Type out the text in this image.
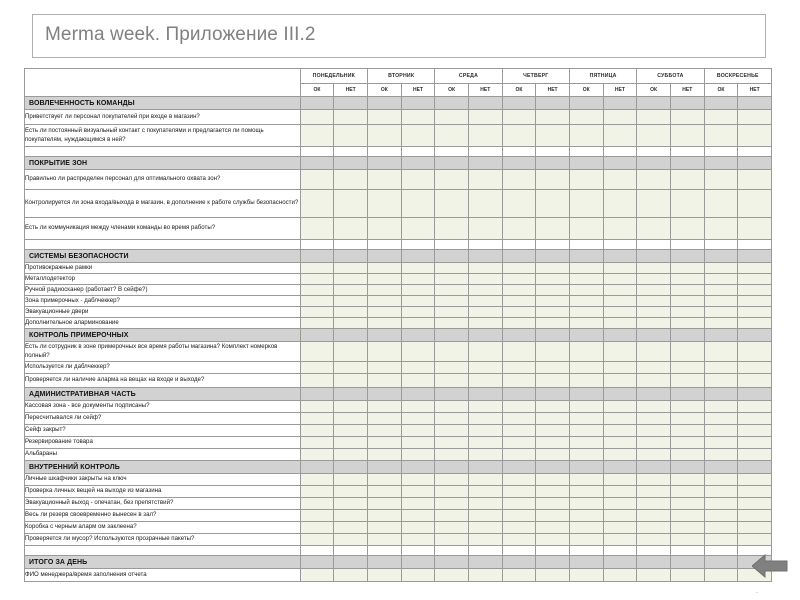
Merma week. Приложение III.2
	ПОНЕДЕЛЬНИК		ВТОРНИК		СРЕДА		ЧЕТВЕРГ		ПЯТНИЦА		СУББОТА		ВОСКРЕСЕНЬЕ	
	ОК	НЕТ	ОК	НЕТ	ОК	НЕТ	ОК	НЕТ	ОК	НЕТ	ОК	НЕТ	ОК	НЕТ
ВОВЛЕЧЕННОСТЬ КОМАНДЫ														
Приветствует ли персонал покупателей при входе в магазин?														
Есть ли постоянный визуальный контакт с покупателями и предлагается ли помощь покупателям, нуждающимся в ней?														

ПОКРЫТИЕ ЗОН														
Правильно ли распределен персонал для оптимального охвата зон?														
Контролируется ли зона входа/выхода в магазин, в дополнение к работе службы безопасности?														
Есть ли коммуникация между членами команды во время работы?														

СИСТЕМЫ БЕЗОПАСНОСТИ														
Противокражные рамки														
Металлодетектор														
Ручной радиосканер (работает? В сейфе?)														
Зона примерочных - даблчеккер?														
Эвакуационные двери														
Дополнительное аларминование														
КОНТРОЛЬ ПРИМЕРОЧНЫХ														
Есть ли сотрудник в зоне примерочных все время работы магазина? Комплект номерков полный?														
Используется ли даблчеккер?														
Проверяется ли наличие аларма на вещах на входе и выходе?														
АДМИНИСТРАТИВНАЯ ЧАСТЬ														
Кассовая зона - все документы подписаны?														
Пересчитывался ли сейф?														
Сейф закрыт?														
Резервирование товара														
Альбараны														
ВНУТРЕННИЙ КОНТРОЛЬ														
Личные шкафчики закрыты на ключ														
Проверка личных вещей на выходе из магазина														
Эвакуационный выход - опечатан, без препятствий?														
Весь ли резерв своевременно вынесен в зал?														
Коробка с черным аларм ом заклеена?														
Проверяется ли мусор? Используются прозрачные пакеты?														

ИТОГО ЗА ДЕНЬ														
ФИО менеджера/время заполнения отчета														
.
